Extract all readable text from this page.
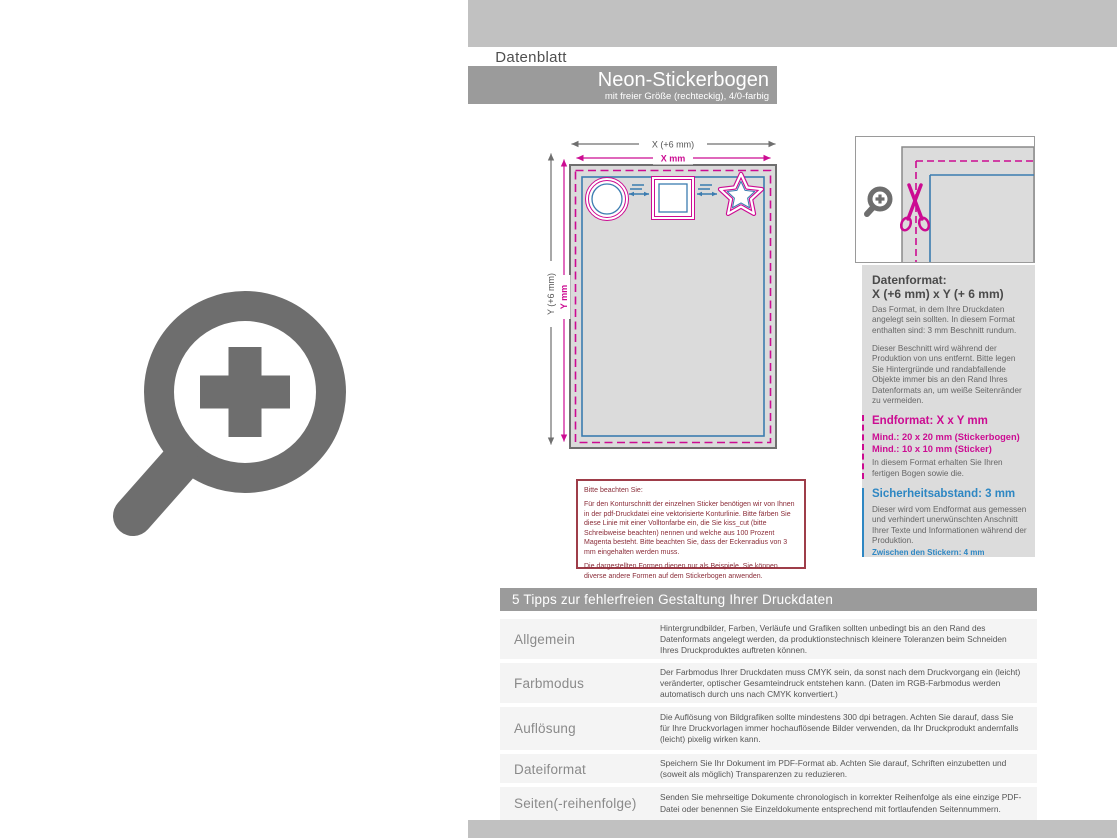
Datenblatt
Neon-Stickerbogen
mit freier Größe (rechteckig), 4/0-farbig
X (+6 mm)
X mm
Y (+6 mm) Y mm
Bitte beachten Sie:

Für den Konturschnitt der einzelnen Sticker benötigen wir von Ihnen in der pdf-Druckdatei eine vektorisierte Konturlinie. Bitte färben Sie diese Linie mit einer Volltonfarbe ein, die Sie kiss_cut (bitte Schreibweise beachten) nennen und welche aus 100 Prozent Magenta besteht. Bitte beachten Sie, dass der Eckenradius von 3 mm eingehalten werden muss.

Die dargestellten Formen dienen nur als Beispiele. Sie können diverse andere Formen auf dem Stickerbogen anwenden.

Datenformat:
X (+6 mm) x Y (+ 6 mm)

Das Format, in dem Ihre Druckdaten angelegt sein sollten. In diesem Format enthalten sind: 3 mm Beschnitt rundum.

Dieser Beschnitt wird während der Produktion von uns entfernt. Bitte legen Sie Hintergründe und randabfallende Objekte immer bis an den Rand Ihres Datenformats an, um weiße Seitenränder zu vermeiden.

Endformat: X x Y mm
Mind.: 20 x 20 mm (Stickerbogen)
Mind.: 10 x 10 mm (Sticker)

In diesem Format erhalten Sie Ihren fertigen Bogen sowie die.

Sicherheitsabstand: 3 mm

Dieser wird vom Endformat aus gemessen und verhindert unerwünschten Anschnitt Ihrer Texte und Informationen während der Produktion.

Zwischen den Stickern: 4 mm
5 Tipps zur fehlerfreien Gestaltung Ihrer Druckdaten
Allgemein
Hintergrundbilder, Farben, Verläufe und Grafiken sollten unbedingt bis an den Rand des Datenformats angelegt werden, da produktionstechnisch kleinere Toleranzen beim Schneiden Ihres Druckproduktes auftreten können.
Farbmodus
Der Farbmodus Ihrer Druckdaten muss CMYK sein, da sonst nach dem Druckvorgang ein (leicht) veränderter, optischer Gesamteindruck entstehen kann. (Daten im RGB-Farbmodus werden automatisch durch uns nach CMYK konvertiert.)
Auflösung
Die Auflösung von Bildgrafiken sollte mindestens 300 dpi betragen. Achten Sie darauf, dass Sie für Ihre Druckvorlagen immer hochauflösende Bilder verwenden, da Ihr Druckprodukt andernfalls (leicht) pixelig wirken kann.
Dateiformat	Speichern Sie Ihr Dokument im PDF-Format ab. Achten Sie darauf, Schriften einzubetten und (soweit als möglich) Transparenzen zu reduzieren.
Seiten(-reihenfolge)	Senden Sie mehrseitige Dokumente chronologisch in korrekter Reihenfolge als eine einzige PDF-Datei oder benennen Sie Einzeldokumente entsprechend mit fortlaufenden Seitennummern.
